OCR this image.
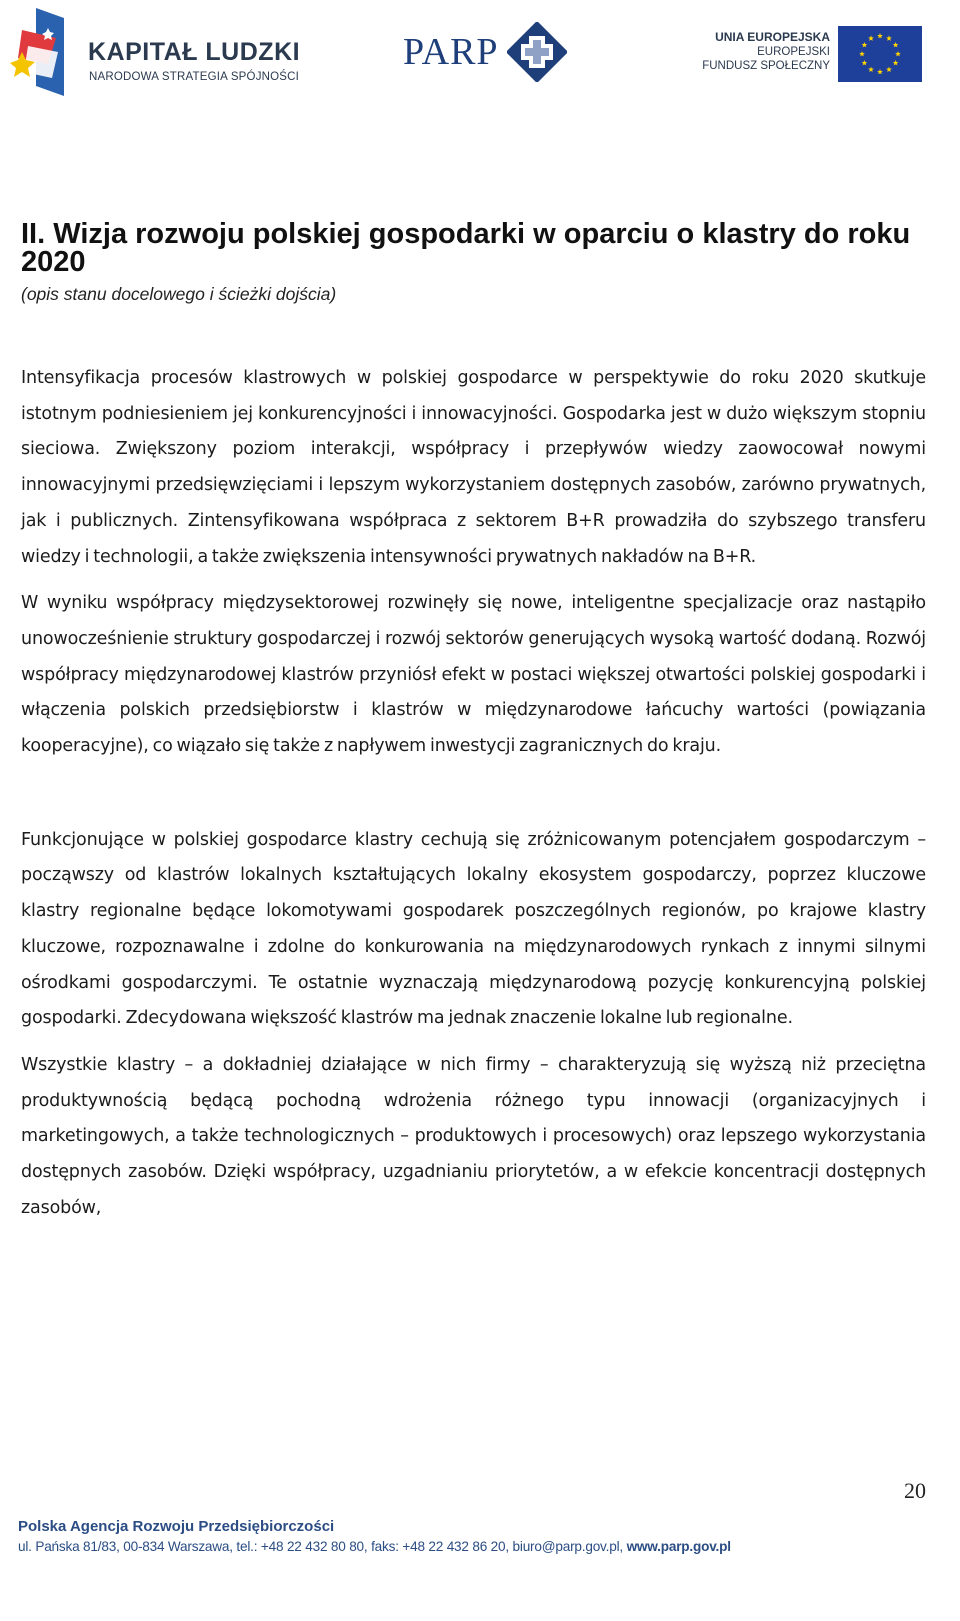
KAPITAŁ LUDZKI
NARODOWA STRATEGIA SPÓJNOŚCI
PARP	UNIA EUROPEJSKA
EUROPEJSKI
FUNDUSZ SPOŁECZNY
II. Wizja rozwoju polskiej gospodarki w oparciu o klastry do roku 2020
(opis stanu docelowego i ścieżki dojścia)

Intensyfikacja procesów klastrowych w polskiej gospodarce w perspektywie do roku 2020 skutkuje istotnym podniesieniem jej konkurencyjności i innowacyjności. Gospodarka jest w dużo większym stopniu sieciowa. Zwiększony poziom interakcji, współpracy i przepływów wiedzy zaowocował nowymi innowacyjnymi przedsięwzięciami i lepszym wykorzystaniem dostępnych zasobów, zarówno prywatnych, jak i publicznych. Zintensyfikowana współpraca z sektorem B+R prowadziła do szybszego transferu wiedzy i technologii, a także zwiększenia intensywności prywatnych nakładów na B+R.

W wyniku współpracy międzysektorowej rozwinęły się nowe, inteligentne specjalizacje oraz nastąpiło unowocześnienie struktury gospodarczej i rozwój sektorów generujących wysoką wartość dodaną. Rozwój współpracy międzynarodowej klastrów przyniósł efekt w postaci większej otwartości polskiej gospodarki i włączenia polskich przedsiębiorstw i klastrów w międzynarodowe łańcuchy wartości (powiązania kooperacyjne), co wiązało się także z napływem inwestycji zagranicznych do kraju.

Funkcjonujące w polskiej gospodarce klastry cechują się zróżnicowanym potencjałem gospodarczym – począwszy od klastrów lokalnych kształtujących lokalny ekosystem gospodarczy, poprzez kluczowe klastry regionalne będące lokomotywami gospodarek poszczególnych regionów, po krajowe klastry kluczowe, rozpoznawalne i zdolne do konkurowania na międzynarodowych rynkach z innymi silnymi ośrodkami gospodarczymi. Te ostatnie wyznaczają międzynarodową pozycję konkurencyjną polskiej gospodarki. Zdecydowana większość klastrów ma jednak znaczenie lokalne lub regionalne.

Wszystkie klastry – a dokładniej działające w nich firmy – charakteryzują się wyższą niż przeciętna produktywnością będącą pochodną wdrożenia różnego typu innowacji (organizacyjnych i marketingowych, a także technologicznych – produktowych i procesowych) oraz lepszego wykorzystania dostępnych zasobów. Dzięki współpracy, uzgadnianiu priorytetów, a w efekcie koncentracji dostępnych zasobów,

20
Polska Agencja Rozwoju Przedsiębiorczości
ul. Pańska 81/83, 00-834 Warszawa, tel.: +48 22 432 80 80, faks: +48 22 432 86 20, biuro@parp.gov.pl, www.parp.gov.pl
